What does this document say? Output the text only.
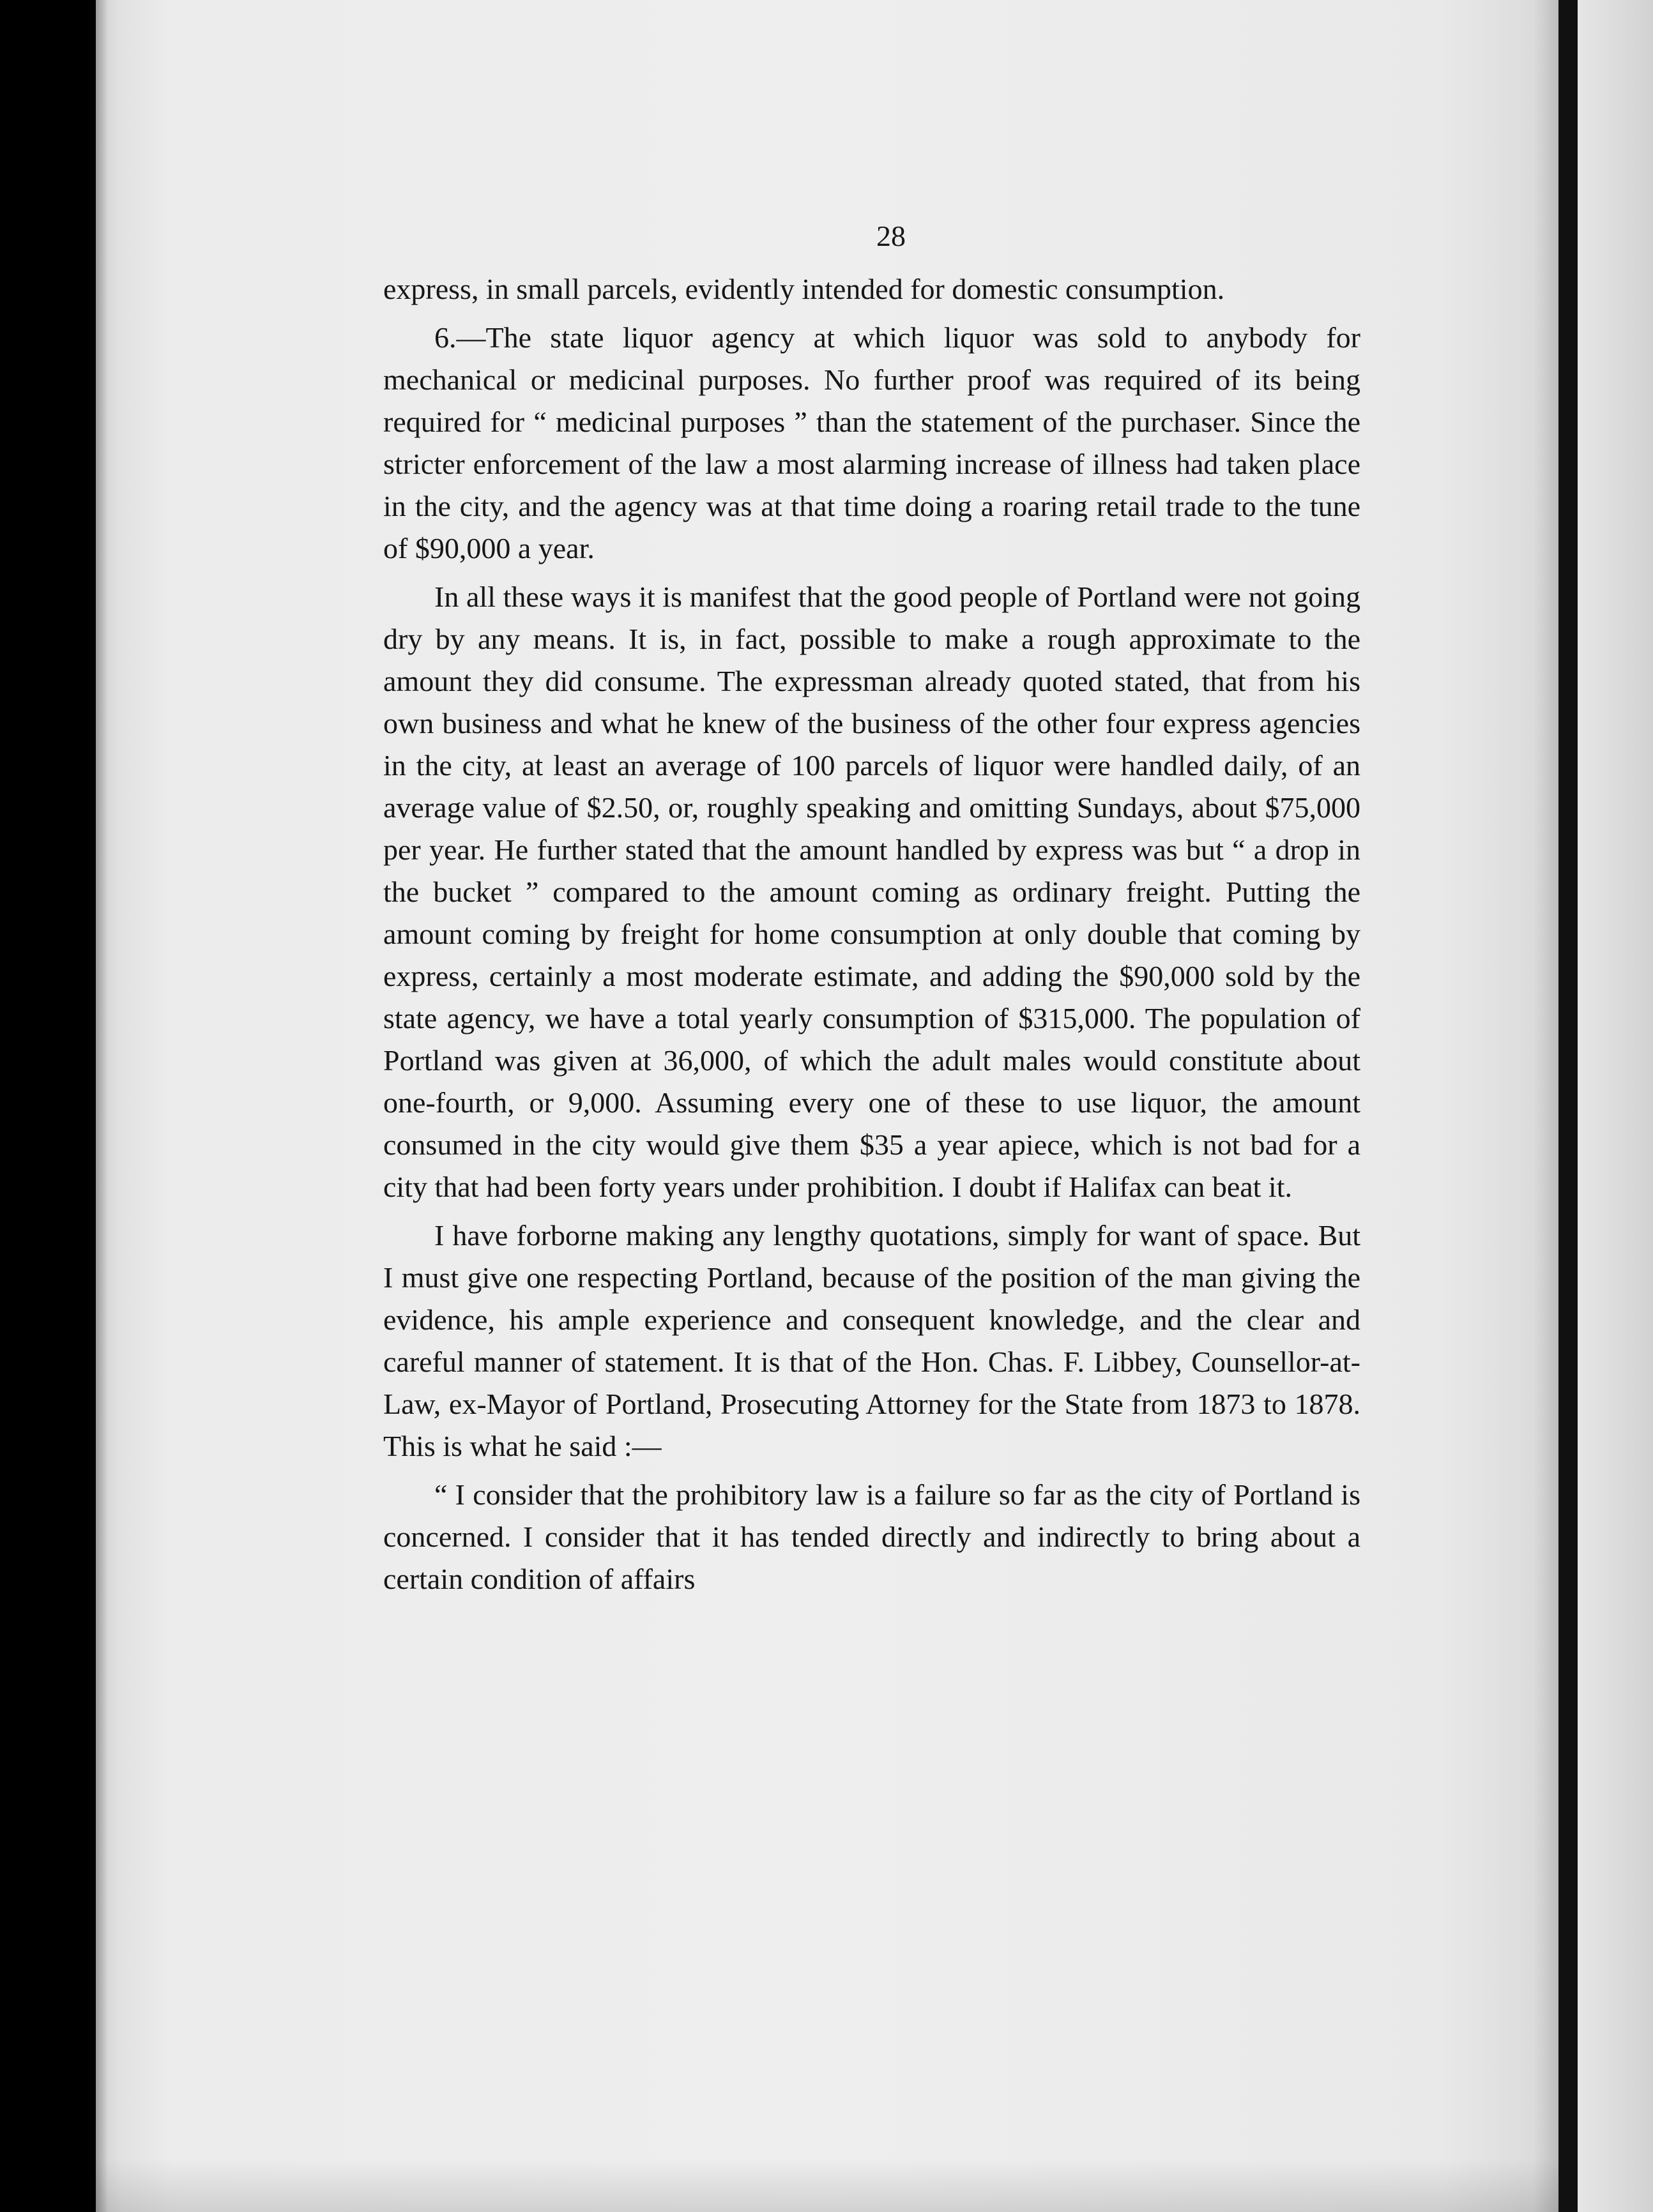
28

express, in small parcels, evidently intended for domestic consumption.

6.—The state liquor agency at which liquor was sold to anybody for mechanical or medicinal purposes. No further proof was required of its being required for “ medicinal purposes ” than the statement of the purchaser. Since the stricter enforcement of the law a most alarming increase of illness had taken place in the city, and the agency was at that time doing a roaring retail trade to the tune of $90,000 a year.

In all these ways it is manifest that the good people of Portland were not going dry by any means. It is, in fact, possible to make a rough approximate to the amount they did consume. The expressman already quoted stated, that from his own business and what he knew of the business of the other four express agencies in the city, at least an average of 100 parcels of liquor were handled daily, of an average value of $2.50, or, roughly speaking and omitting Sundays, about $75,000 per year. He further stated that the amount handled by express was but “ a drop in the bucket ” compared to the amount coming as ordinary freight. Putting the amount coming by freight for home consumption at only double that coming by express, certainly a most moderate estimate, and adding the $90,000 sold by the state agency, we have a total yearly consumption of $315,000. The population of Portland was given at 36,000, of which the adult males would constitute about one-fourth, or 9,000. Assuming every one of these to use liquor, the amount consumed in the city would give them $35 a year apiece, which is not bad for a city that had been forty years under prohibition. I doubt if Halifax can beat it.

I have forborne making any lengthy quotations, simply for want of space. But I must give one respecting Portland, because of the position of the man giving the evidence, his ample experience and consequent knowledge, and the clear and careful manner of statement. It is that of the Hon. Chas. F. Libbey, Counsellor-at-Law, ex-Mayor of Portland, Prosecuting Attorney for the State from 1873 to 1878. This is what he said :—

“ I consider that the prohibitory law is a failure so far as the city of Portland is concerned. I consider that it has tended directly and indirectly to bring about a certain condition of affairs
